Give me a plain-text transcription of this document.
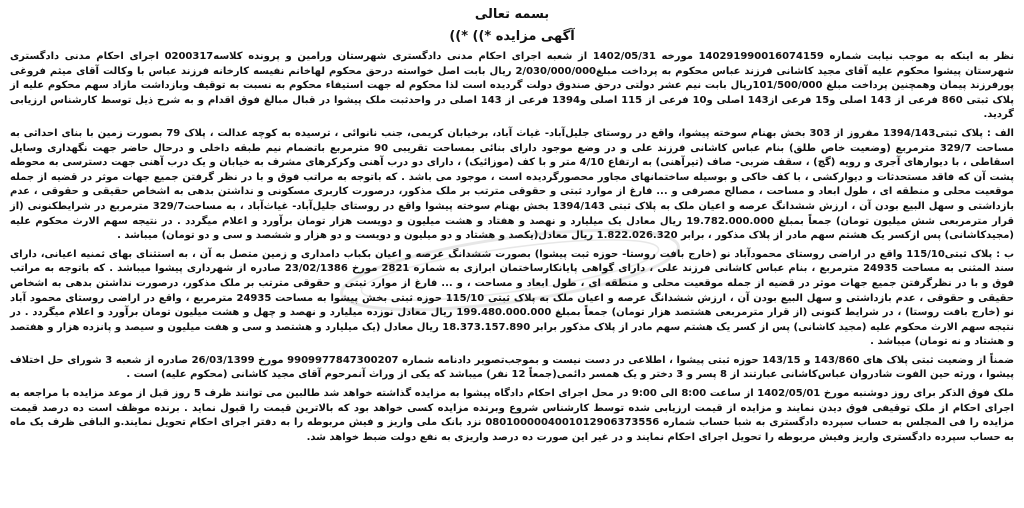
بسمه تعالی
آگهی مزایده *)) *))

نظر به اینکه به موجب نیابت شماره 140291990016074159 مورخه 1402/05/31 از شعبه اجرای احکام مدنی دادگستری شهرستان ورامین و پرونده کلاسه0200317 اجرای احکام مدنی دادگستری شهرستان پیشوا محکوم علیه آقای مجید کاشانی فرزند عباس محکوم به پرداخت مبلغ2/030/000/000 ریال بابت اصل خواسته درحق محکوم لهاخانم نفیسه کارخانه فرزند عباس با وکالت آقای میثم فروغی پورفرزند پیمان وهمچنین پرداخت مبلغ 101/500/000ریال بابت نیم عشر دولتی درحق صندوق دولت گردیده است لذا محکوم له جهت استیفاء محکوم به نسبت به توقیف وبازداشت مازاد سهم محکوم علیه از پلاک ثبتی 860 فرعی از 143 اصلی و15 فرعی از143 اصلی و10 فرعی از 115 اصلی و1394 فرعی از 143 اصلی در واحدثبت ملک پیشوا در قبال مبالغ فوق اقدام و به شرح ذیل توسط کارشناس ارزیابی گردید.

الف : پلاک ثبتی1394/143 مفروز از 303 بخش بهنام سوخته پیشوا، واقع در روستای جلیل‌آباد- غیاث آباد، برخیابان کریمی، جنب نانوائی ، ترسیده به کوچه عدالت ، پلاک 79 بصورت زمین با بنای احداثی به مساحت 329/7 مترمربع (وضعیت خاص طلق) بنام عباس کاشانی فرزند علی و در وضع موجود دارای بنائی بمساحت تقریبی 90 مترمربع باتضمام نیم طبقه داخلی و درحال حاضر جهت نگهداری وسایل اسقاطی ، با دیوارهای آجری و رویه (گچ) ، سقف ضربی- صاف (تیرآهنی) به ارتفاع 4/10 متر و با کف (موزائیک) ، دارای دو درب آهنی وکرکرهای مشرف به خیابان و یک درب آهنی جهت دسترسی به محوطه پشت آن که فاقد مستحدثات و دیوارکشی ، با کف خاکی و بوسیله ساختمانهای مجاور محصورگردیده است ، موجود می باشد . که باتوجه به مراتب فوق و با در نظر گرفتن جمیع جهات موثر در قضیه از جمله موقعیت محلی و منطقه ای ، طول ابعاد و مساحت ، مصالح مصرفی و ... فارغ از موارد ثبتی و حقوقی مترتب بر ملک مذکور، درصورت کاربری مسکونی و نداشتن بدهی به اشخاص حقیقی و حقوقی ، عدم بازداشتی و سهل البیع بودن آن ، ارزش ششدانگ عرصه و اعیان ملک به پلاک ثبتی 1394/143 بخش بهنام سوخته پیشوا واقع در روستای جلیل‌آباد- غیاث‌آباد ، به مساحت329/7 مترمربع در شرایطکنونی (از قرار مترمربعی شش میلیون تومان) جمعاً بمبلغ 19.782.000.000 ریال معادل یک میلیارد و نهصد و هفتاد و هشت میلیون و دویست هزار تومان برآورد و اعلام میگردد . در نتیجه سهم الارث محکوم علیه (مجیدکاشانی) پس ازکسر یک هشتم سهم مادر از پلاک مذکور ، برابر 1.822.026.320 ریال معادل(یکصد و هشتاد و دو میلیون و دویست و دو هزار و ششصد و سی و دو تومان) میباشد .

ب : پلاک ثبتی115/10 واقع در اراضی روستای محمودآباد نو (خارج بافت روستا- حوزه ثبت پیشوا) بصورت ششدانگ عرصه و اعیان بکباب دامداری و زمین متصل به آن ، به استثنای بهای ثمنیه اعیانی، دارای سند المثنی به مساحت 24935 مترمربع ، بنام عباس کاشانی فرزند علی ، دارای گواهی پایانکارساختمان ابرازی به شماره 2821 مورخ 23/02/1386 صادره از شهرداری پیشوا میباشد . که باتوجه به مراتب فوق و با در نظرگرفتن جمیع جهات موثر در قضیه از جمله موقعیت محلی و منطقه ای ، طول ابعاد و مساحت ، و ... فارغ از موارد ثبتی و حقوقی مترتب بر ملک مذکور، درصورت نداشتن بدهی به اشخاص حقیقی و حقوقی ، عدم بازداشتی و سهل البیع بودن آن ، ارزش ششدانگ عرصه و اعیان ملک به پلاک ثبتی 115/10 حوزه ثبتی بخش پیشوا به مساحت 24935 مترمربع ، واقع در اراضی روستای محمود آباد نو (خارج بافت روستا) ، در شرایط کنونی (از قرار مترمربعی هشتصد هزار تومان) جمعاً بمبلغ 199.480.000.000 ریال معادل نوزده میلیارد و نهصد و چهل و هشت میلیون تومان برآورد و اعلام میگردد . در نتیجه سهم الارث محکوم علیه (مجید کاشانی) پس از کسر یک هشتم سهم مادر از پلاک مذکور برابر 18.373.157.890 ریال معادل (یک میلیارد و هشتصد و سی و هفت میلیون و سیصد و پانزده هزار و هفتصد و هشتاد و نه تومان) میباشد .

ضمناً از وضعیت ثبتی پلاک های 143/860 و 143/15 حوزه ثبتی پیشوا ، اطلاعی در دست نیست و بموجب‌تصویر دادنامه شماره 9909977847300207 مورخ 26/03/1399 صادره از شعبه 3 شورای حل اختلاف پیشوا ، ورثه حین الفوت شادروان عباس‌کاشانی عبارتند از 8 پسر و 3 دختر و یک همسر دائمی(جمعاً 12 نفر) میباشد که یکی از وراث آنمرحوم آقای مجید کاشانی (محکوم علیه) است .

ملک فوق الذکر برای روز دوشنبه مورخ 1402/05/01 از ساعت 8:00 الی 9:00 در محل اجرای احکام دادگاه پیشوا به مزایده گذاشته خواهد شد طالبین می توانند ظرف 5 روز قبل از موعد مزایده با مراجعه به اجرای احکام از ملک توقیفی فوق دیدن نمایند و مزایده از قیمت ارزیابی شده توسط کارشناس شروع وبرنده مزایده کسی خواهد بود که بالاترین قیمت را قبول نماید . برنده موظف است ده درصد قیمت مزایده را فی المجلس به حساب سپرده دادگستری به شبا حساب شماره 0801000004001012906373556 نزد بانک ملی واریز و فیش مربوطه را به دفتر اجرای احکام تحویل نمایند.و الباقی ظرف یک ماه به حساب سپرده دادگستری واریز وفیش مربوطه را تحویل اجرای احکام نمایند و در غیر این صورت ده درصد واریزی به نفع دولت ضبط خواهد شد.
